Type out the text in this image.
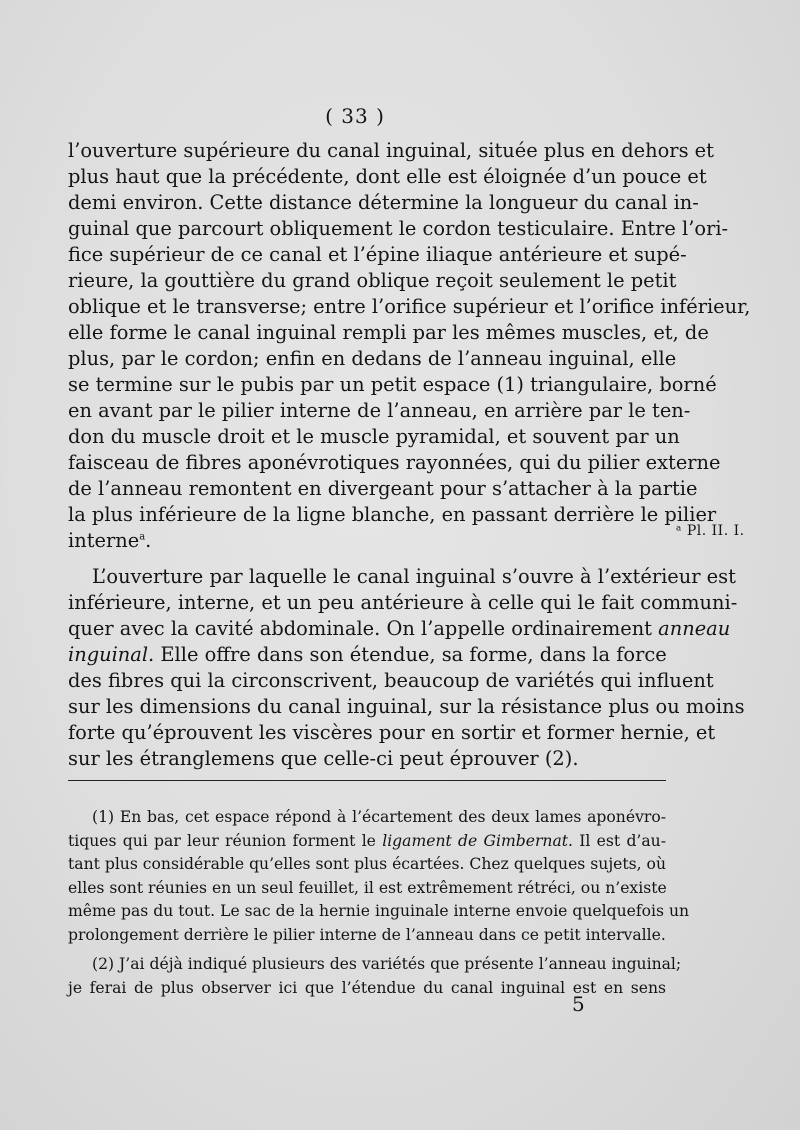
( 33 )
l’ouverture supérieure du canal inguinal, située plus en dehors et
plus haut que la précédente, dont elle est éloignée d’un pouce et
demi environ. Cette distance détermine la longueur du canal in-
guinal que parcourt obliquement le cordon testiculaire. Entre l’ori-
fice supérieur de ce canal et l’épine iliaque antérieure et supé-
rieure, la gouttière du grand oblique reçoit seulement le petit
oblique et le transverse; entre l’orifice supérieur et l’orifice inférieur,
elle forme le canal inguinal rempli par les mêmes muscles, et, de
plus, par le cordon; enfin en dedans de l’anneau inguinal, elle
se termine sur le pubis par un petit espace (1) triangulaire, borné
en avant par le pilier interne de l’anneau, en arrière par le ten-
don du muscle droit et le muscle pyramidal, et souvent par un
faisceau de fibres aponévrotiques rayonnées, qui du pilier externe
de l’anneau remontent en divergeant pour s’attacher à la partie
la plus inférieure de la ligne blanche, en passant derrière le pilier
interne$^a$.
L’ouverture par laquelle le canal inguinal s’ouvre à l’extérieur est
inférieure, interne, et un peu antérieure à celle qui le fait communi-
quer avec la cavité abdominale. On l’appelle ordinairement anneau
inguinal. Elle offre dans son étendue, sa forme, dans la force
des fibres qui la circonscrivent, beaucoup de variétés qui influent
sur les dimensions du canal inguinal, sur la résistance plus ou moins
forte qu’éprouvent les viscères pour en sortir et former hernie, et
sur les étranglemens que celle-ci peut éprouver (2).
ᵃ Pl. II. I.
(1) En bas, cet espace répond à l’écartement des deux lames aponévro-
tiques qui par leur réunion forment le ligament de Gimbernat. Il est d’au-
tant plus considérable qu’elles sont plus écartées. Chez quelques sujets, où
elles sont réunies en un seul feuillet, il est extrêmement rétréci, ou n’existe
même pas du tout. Le sac de la hernie inguinale interne envoie quelquefois un
prolongement derrière le pilier interne de l’anneau dans ce petit intervalle.
(2) J’ai déjà indiqué plusieurs des variétés que présente l’anneau inguinal;
je ferai de plus observer ici que l’étendue du canal inguinal est en sens
5
